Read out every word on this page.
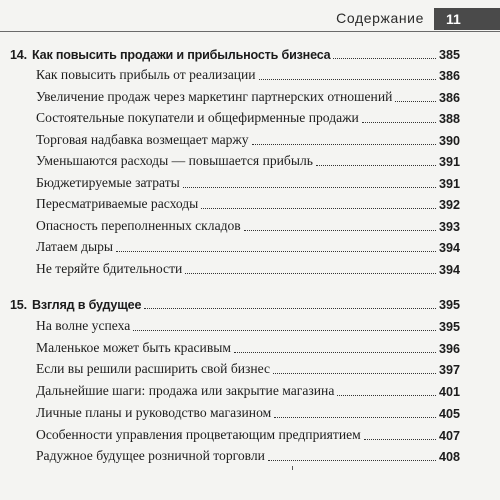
Содержание	11
14. Как повысить продажи и прибыльность бизнеса	385
Как повысить прибыль от реализации	386
Увеличение продаж через маркетинг партнерских отношений	386
Состоятельные покупатели и общефирменные продажи	388
Торговая надбавка возмещает маржу	390
Уменьшаются расходы — повышается прибыль	391
Бюджетируемые затраты	391
Пересматриваемые расходы	392
Опасность переполненных складов	393
Латаем дыры	394
Не теряйте бдительности	394
15. Взгляд в будущее	395
На волне успеха	395
Маленькое может быть красивым	396
Если вы решили расширить свой бизнес	397
Дальнейшие шаги: продажа или закрытие магазина	401
Личные планы и руководство магазином	405
Особенности управления процветающим предприятием	407
Радужное будущее розничной торговли	408
